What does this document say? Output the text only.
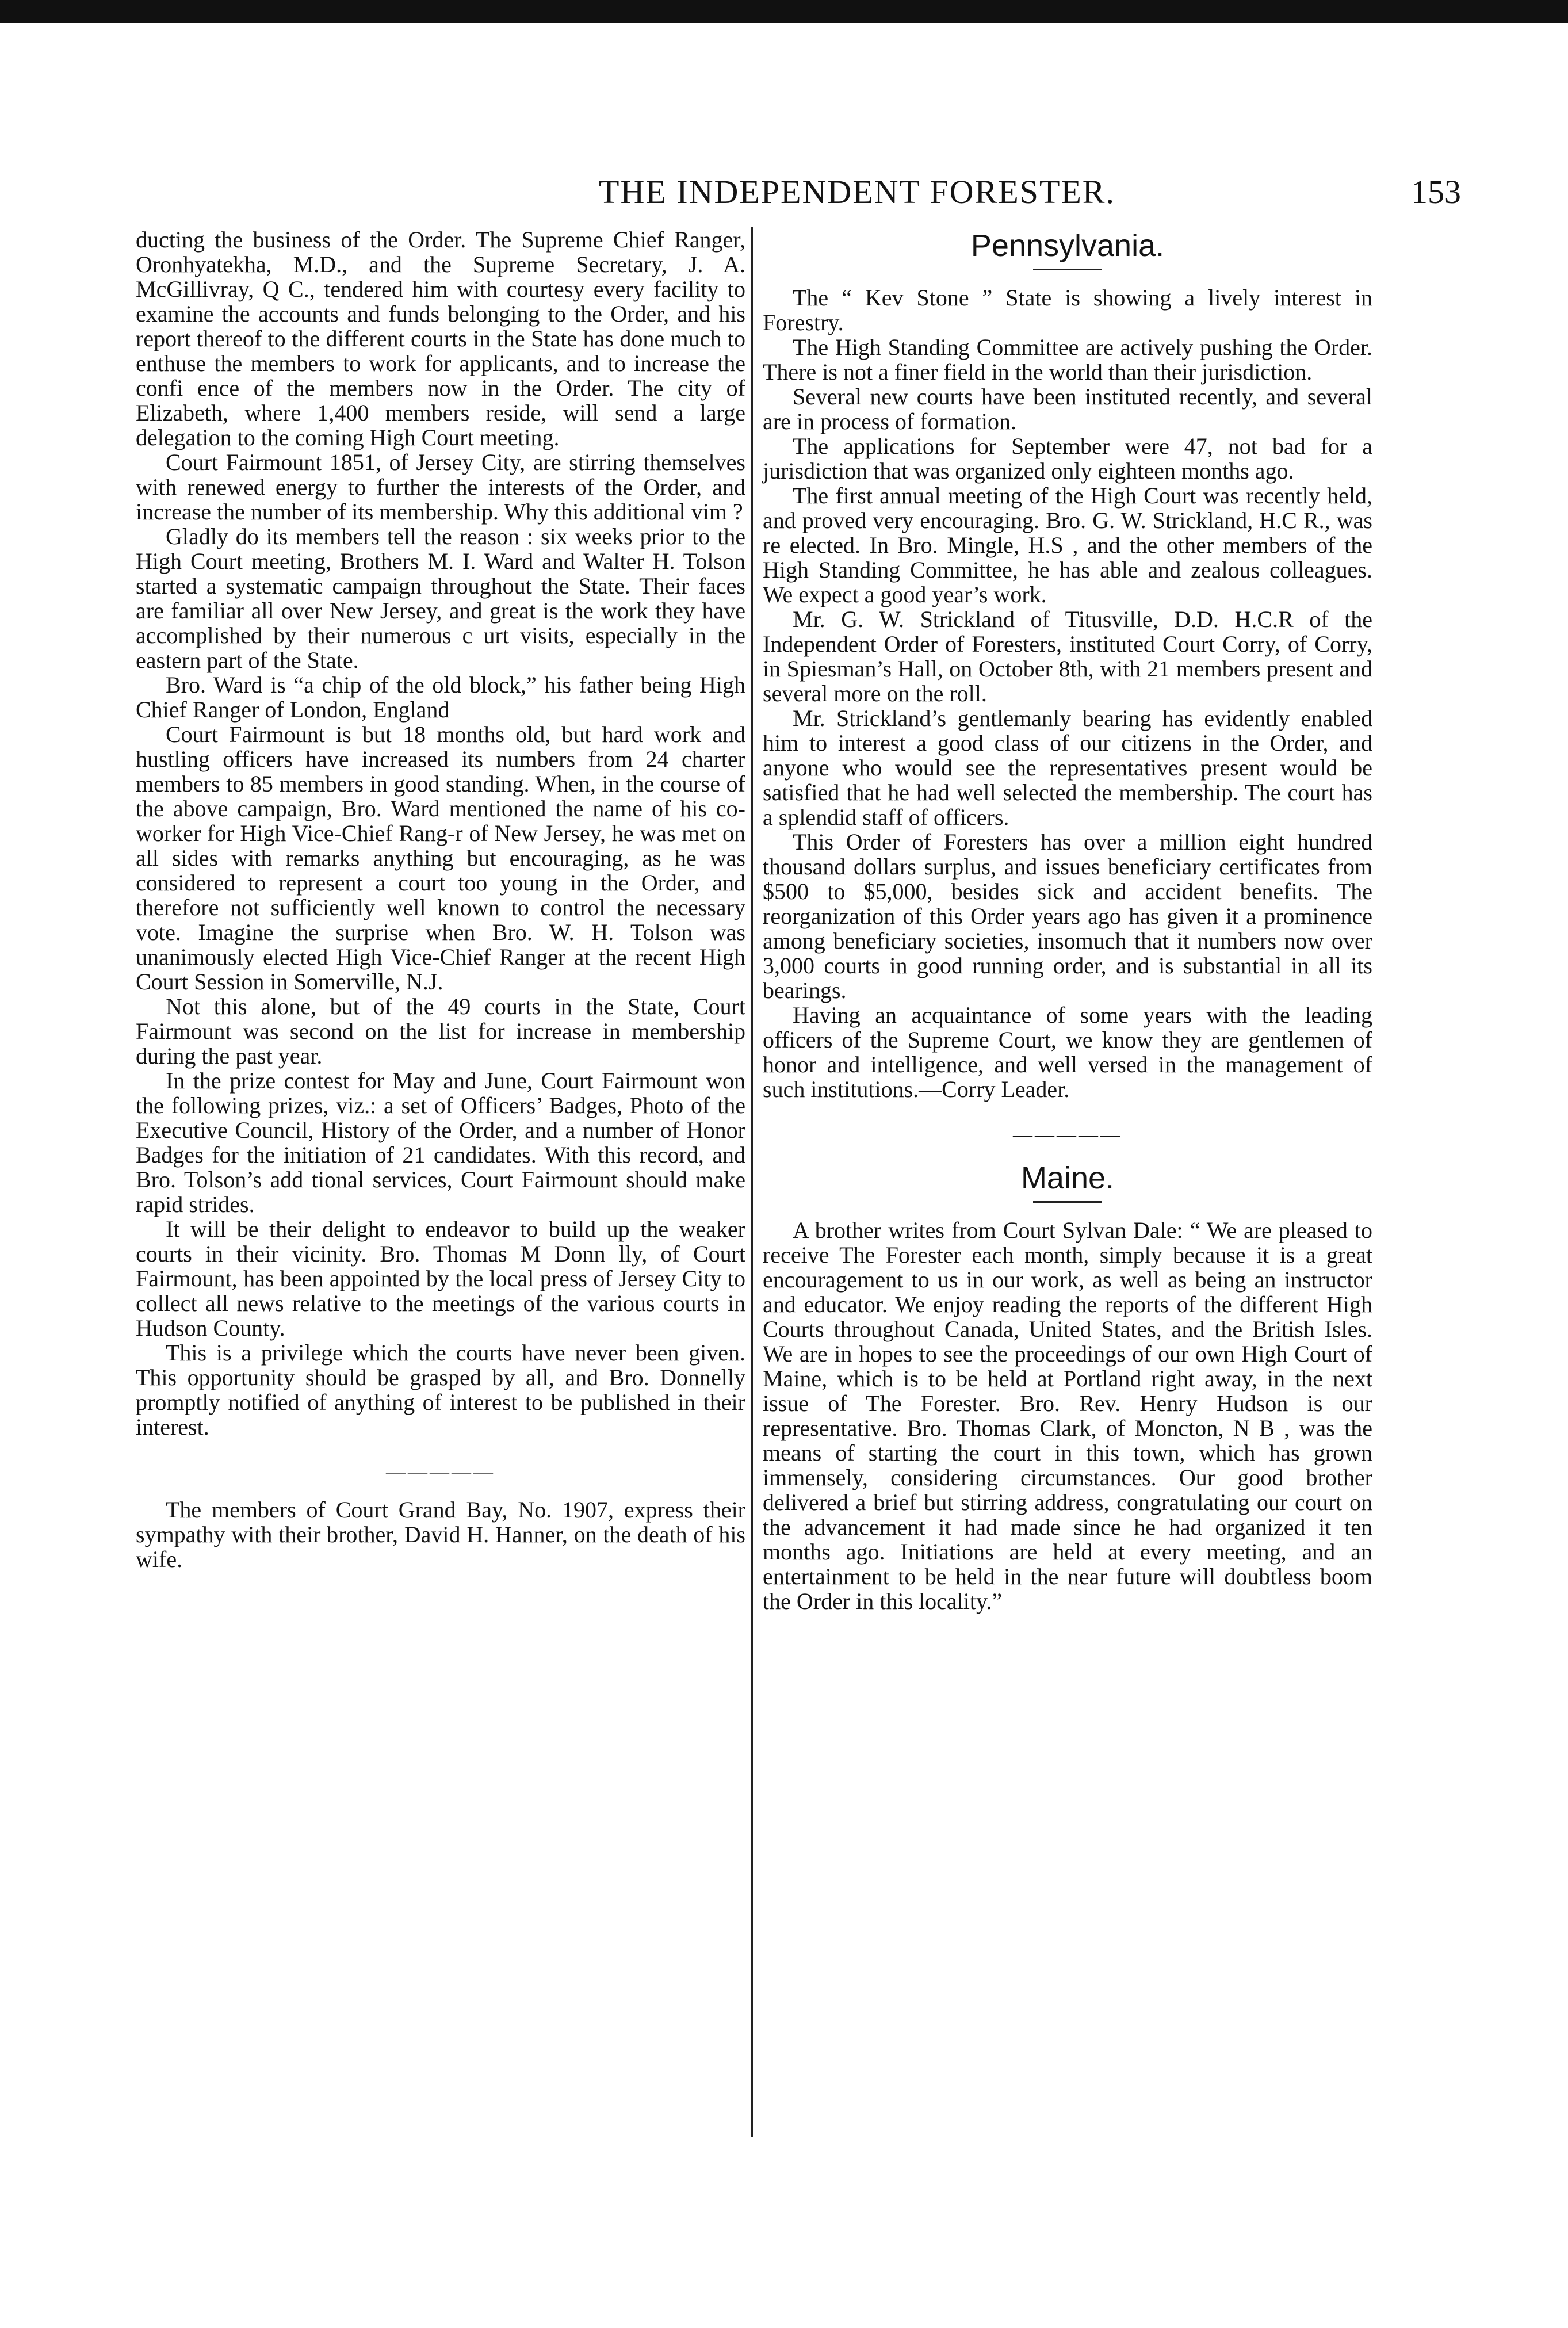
THE INDEPENDENT FORESTER.	153

ducting the business of the Order. The Supreme Chief Ranger, Oronhyatekha, M.D., and the Supreme Secretary, J. A. McGillivray, Q C., tendered him with courtesy every facility to examine the accounts and funds belonging to the Order, and his report thereof to the different courts in the State has done much to enthuse the members to work for applicants, and to increase the confi ence of the members now in the Order. The city of Elizabeth, where 1,400 members reside, will send a large delegation to the coming High Court meeting.

Court Fairmount 1851, of Jersey City, are stirring themselves with renewed energy to further the interests of the Order, and increase the number of its membership. Why this additional vim ?

Gladly do its members tell the reason : six weeks prior to the High Court meeting, Brothers M. I. Ward and Walter H. Tolson started a systematic campaign throughout the State. Their faces are familiar all over New Jersey, and great is the work they have accomplished by their numerous c urt visits, especially in the eastern part of the State.

Bro. Ward is “a chip of the old block,” his father being High Chief Ranger of London, England

Court Fairmount is but 18 months old, but hard work and hustling officers have increased its numbers from 24 charter members to 85 members in good standing. When, in the course of the above campaign, Bro. Ward mentioned the name of his co-worker for High Vice-Chief Rang-r of New Jersey, he was met on all sides with remarks anything but encouraging, as he was considered to represent a court too young in the Order, and therefore not sufficiently well known to control the necessary vote. Imagine the surprise when Bro. W. H. Tolson was unanimously elected High Vice-Chief Ranger at the recent High Court Session in Somerville, N.J.

Not this alone, but of the 49 courts in the State, Court Fairmount was second on the list for increase in membership during the past year.

In the prize contest for May and June, Court Fairmount won the following prizes, viz.: a set of Officers’ Badges, Photo of the Executive Council, History of the Order, and a number of Honor Badges for the initiation of 21 candidates. With this record, and Bro. Tolson’s add tional services, Court Fairmount should make rapid strides.

It will be their delight to endeavor to build up the weaker courts in their vicinity. Bro. Thomas M Donn lly, of Court Fairmount, has been appointed by the local press of Jersey City to collect all news relative to the meetings of the various courts in Hudson County.

This is a privilege which the courts have never been given. This opportunity should be grasped by all, and Bro. Donnelly promptly notified of anything of interest to be published in their interest.

—————

The members of Court Grand Bay, No. 1907, express their sympathy with their brother, David H. Hanner, on the death of his wife.

Pennsylvania.

The “ Kev Stone ” State is showing a lively interest in Forestry.

The High Standing Committee are actively pushing the Order. There is not a finer field in the world than their jurisdiction.

Several new courts have been instituted recently, and several are in process of formation.

The applications for September were 47, not bad for a jurisdiction that was organized only eighteen months ago.

The first annual meeting of the High Court was recently held, and proved very encouraging. Bro. G. W. Strickland, H.C R., was re elected. In Bro. Mingle, H.S , and the other members of the High Standing Committee, he has able and zealous colleagues. We expect a good year’s work.

Mr. G. W. Strickland of Titusville, D.D. H.C.R of the Independent Order of Foresters, instituted Court Corry, of Corry, in Spiesman’s Hall, on October 8th, with 21 members present and several more on the roll.

Mr. Strickland’s gentlemanly bearing has evidently enabled him to interest a good class of our citizens in the Order, and anyone who would see the representatives present would be satisfied that he had well selected the membership. The court has a splendid staff of officers.

This Order of Foresters has over a million eight hundred thousand dollars surplus, and issues beneficiary certificates from $500 to $5,000, besides sick and accident benefits. The reorganization of this Order years ago has given it a prominence among beneficiary societies, insomuch that it numbers now over 3,000 courts in good running order, and is substantial in all its bearings.

Having an acquaintance of some years with the leading officers of the Supreme Court, we know they are gentlemen of honor and intelligence, and well versed in the management of such institutions.—Corry Leader.

—————
Maine.

A brother writes from Court Sylvan Dale: “ We are pleased to receive The Forester each month, simply because it is a great encouragement to us in our work, as well as being an instructor and educator. We enjoy reading the reports of the different High Courts throughout Canada, United States, and the British Isles. We are in hopes to see the proceedings of our own High Court of Maine, which is to be held at Portland right away, in the next issue of The Forester. Bro. Rev. Henry Hudson is our representative. Bro. Thomas Clark, of Moncton, N B , was the means of starting the court in this town, which has grown immensely, considering circumstances. Our good brother delivered a brief but stirring address, congratulating our court on the advancement it had made since he had organized it ten months ago. Initiations are held at every meeting, and an entertainment to be held in the near future will doubtless boom the Order in this locality.”
